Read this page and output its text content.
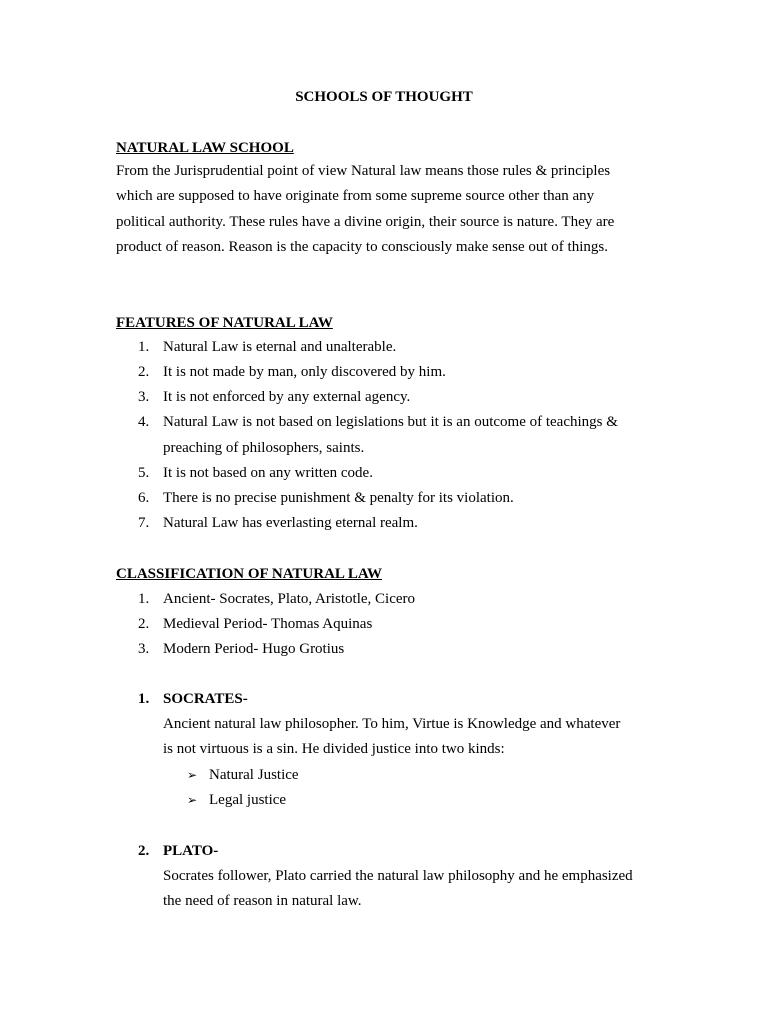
SCHOOLS OF THOUGHT
NATURAL LAW SCHOOL
From the Jurisprudential point of view Natural law means those rules & principles
which are supposed to have originate from some supreme source other than any
political authority. These rules have a divine origin, their source is nature. They are
product of reason. Reason is the capacity to consciously make sense out of things.
FEATURES OF NATURAL LAW
1. Natural Law is eternal and unalterable.
2. It is not made by man, only discovered by him.
3. It is not enforced by any external agency.
4. Natural Law is not based on legislations but it is an outcome of teachings &
preaching of philosophers, saints.
5. It is not based on any written code.
6. There is no precise punishment & penalty for its violation.
7. Natural Law has everlasting eternal realm.
CLASSIFICATION OF NATURAL LAW
1. Ancient- Socrates, Plato, Aristotle, Cicero
2. Medieval Period- Thomas Aquinas
3. Modern Period- Hugo Grotius
1. SOCRATES-
Ancient natural law philosopher. To him, Virtue is Knowledge and whatever
is not virtuous is a sin. He divided justice into two kinds:
➢ Natural Justice
➢ Legal justice
2. PLATO-
Socrates follower, Plato carried the natural law philosophy and he emphasized
the need of reason in natural law.
